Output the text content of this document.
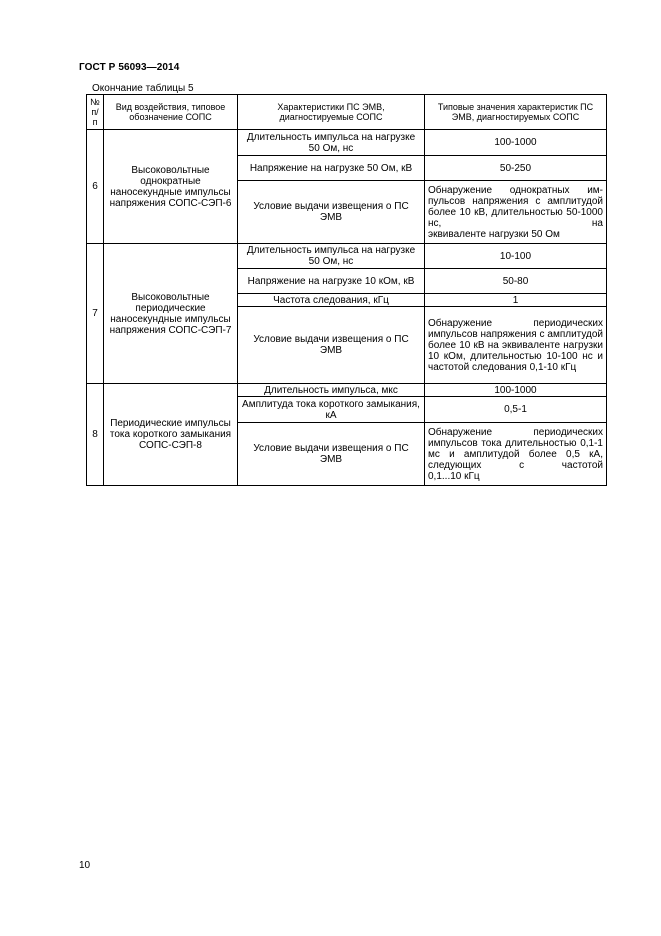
ГОСТ Р 56093—2014
Окончание таблицы 5
№ п/п	Вид воздействия, типовое обозначение СОПС	Характеристики ПС ЭМВ, диагностируемые СОПС	Типовые значения характеристик ПС ЭМВ, диагностируемых СОПС
6	Высоковольтные однократные наносекундные импульсы напряжения СОПС-СЭП-6	Длительность импульса на нагрузке 50 Ом, нс	100-1000
		Напряжение на нагрузке 50 Ом, кВ	50-250
		Условие выдачи извещения о ПС ЭМВ	Обнаружение однократных им-пульсов напряжения с амплитудой более 10 кВ, длительностью 50-1000 нс, на
эквиваленте нагрузки 50 Ом

7	Высоковольтные периодические наносекундные импульсы напряжения СОПС-СЭП-7	Длительность импульса на нагрузке 50 Ом, нс	10-100
		Напряжение на нагрузке 10 кОм, кВ	50-80
		Частота следования, кГц	1
		Условие выдачи извещения о ПС ЭМВ	Обнаружение периодических импульсов напряжения с амплитудой более 10 кВ на эквиваленте нагрузки 10 кОм, длительностью 10-100 нс и
частотой следования 0,1-10 кГц

8	Периодические импульсы тока короткого замыкания СОПС-СЭП-8	Длительность импульса, мкс	100-1000
		Амплитуда тока короткого замыкания, кА	0,5-1
		Условие выдачи извещения о ПС ЭМВ	Обнаружение периодических импульсов тока длительностью 0,1-1 мс и амплитудой более 0,5 кА, следующих с частотой
0,1...10 кГц
10
